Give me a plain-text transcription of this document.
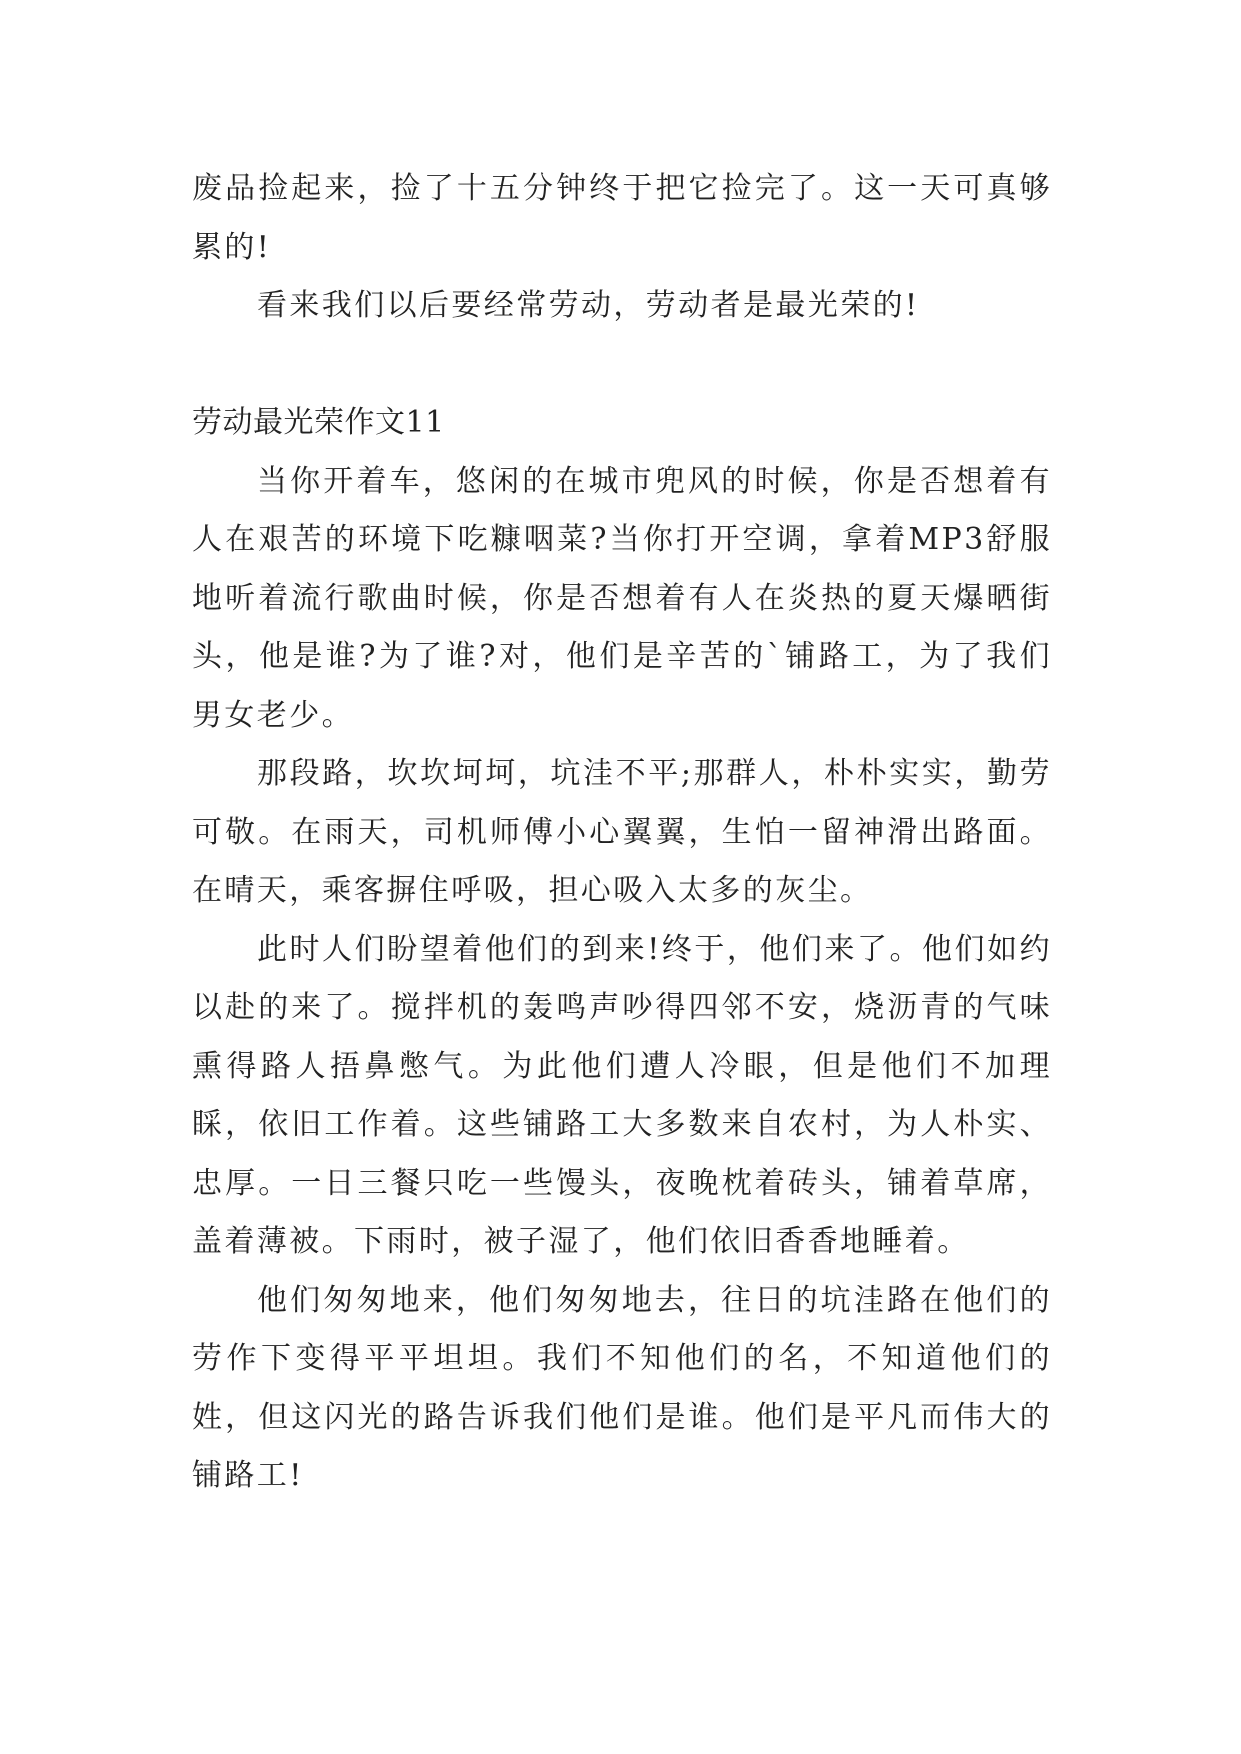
废品捡起来，捡了十五分钟终于把它捡完了。这一天可真够累的!

看来我们以后要经常劳动，劳动者是最光荣的!

劳动最光荣作文11

当你开着车，悠闲的在城市兜风的时候，你是否想着有人在艰苦的环境下吃糠咽菜?当你打开空调，拿着MP3舒服地听着流行歌曲时候，你是否想着有人在炎热的夏天爆晒街头，他是谁?为了谁?对，他们是辛苦的`铺路工，为了我们男女老少。

那段路，坎坎坷坷，坑洼不平;那群人，朴朴实实，勤劳可敬。在雨天，司机师傅小心翼翼，生怕一留神滑出路面。在晴天，乘客摒住呼吸，担心吸入太多的灰尘。

此时人们盼望着他们的到来!终于，他们来了。他们如约以赴的来了。搅拌机的轰鸣声吵得四邻不安，烧沥青的气味熏得路人捂鼻憋气。为此他们遭人冷眼，但是他们不加理睬，依旧工作着。这些铺路工大多数来自农村，为人朴实、忠厚。一日三餐只吃一些馒头，夜晚枕着砖头，铺着草席，盖着薄被。下雨时，被子湿了，他们依旧香香地睡着。

他们匆匆地来，他们匆匆地去，往日的坑洼路在他们的劳作下变得平平坦坦。我们不知他们的名，不知道他们的姓，但这闪光的路告诉我们他们是谁。他们是平凡而伟大的铺路工!
